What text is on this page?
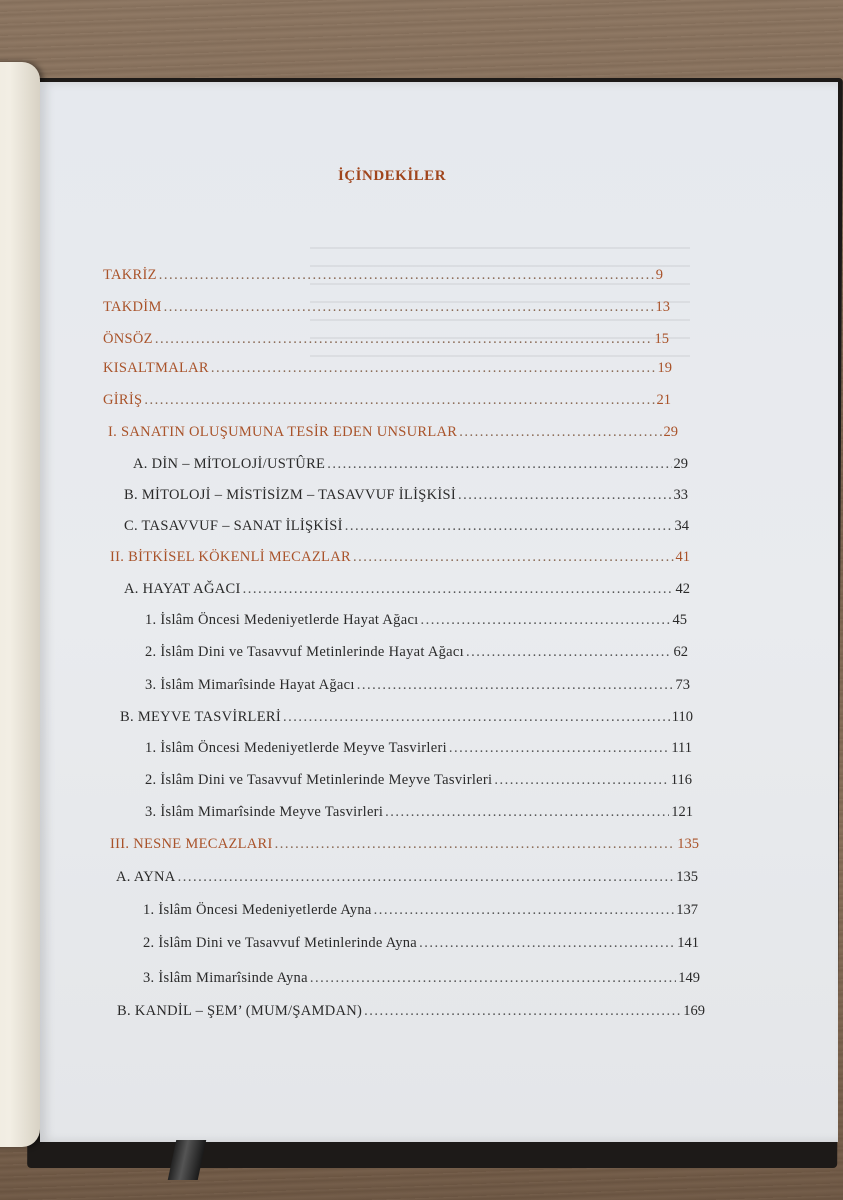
İÇİNDEKİLER
TAKRİZ .....	9
TAKDİM .....	13
ÖNSÖZ .....	15
KISALTMALAR .....	19
GİRİŞ .....	21
I. SANATIN OLUŞUMUNA TESİR EDEN UNSURLAR .....	29
A. DİN – MİTOLOJİ/USTÛRE .....	29
B. MİTOLOJİ – MİSTİSİZM – TASAVVUF İLİŞKİSİ .....	33
C. TASAVVUF – SANAT İLİŞKİSİ .....	34
II. BİTKİSEL KÖKENLİ MECAZLAR .....	41
A. HAYAT AĞACI .....	42
1. İslâm Öncesi Medeniyetlerde Hayat Ağacı .....	45
2. İslâm Dini ve Tasavvuf Metinlerinde Hayat Ağacı .....	62
3. İslâm Mimarîsinde Hayat Ağacı .....	73
B. MEYVE TASVİRLERİ .....	110
1. İslâm Öncesi Medeniyetlerde Meyve Tasvirleri .....	111
2. İslâm Dini ve Tasavvuf Metinlerinde Meyve Tasvirleri .....	116
3. İslâm Mimarîsinde Meyve Tasvirleri .....	121
III. NESNE MECAZLARI .....	135
A. AYNA .....	135
1. İslâm Öncesi Medeniyetlerde Ayna .....	137
2. İslâm Dini ve Tasavvuf Metinlerinde Ayna .....	141
3. İslâm Mimarîsinde Ayna .....	149
B. KANDİL – ŞEM’ (MUM/ŞAMDAN) .....	169
